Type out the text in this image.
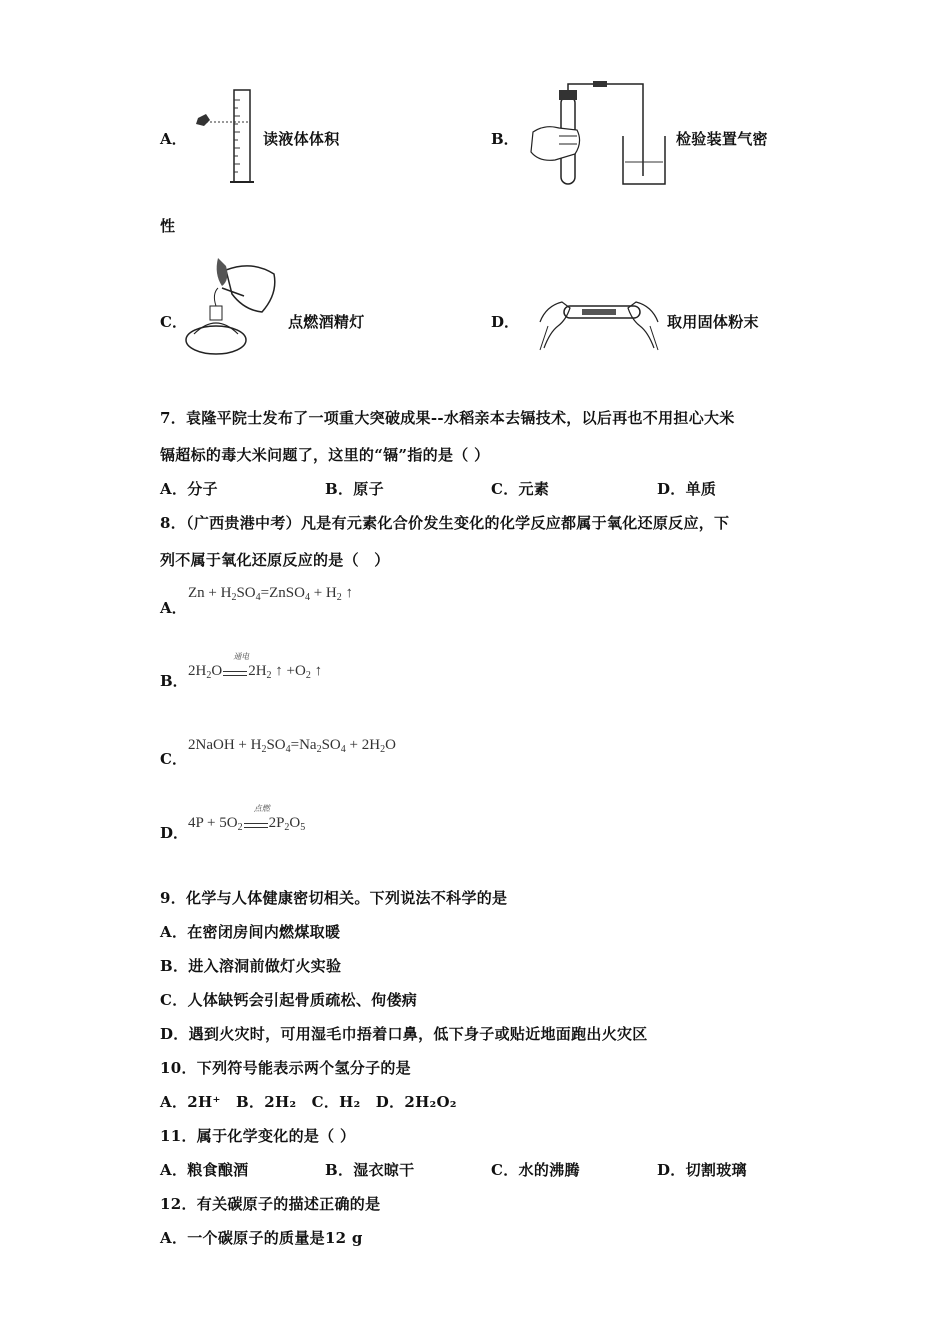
A．	读液体体积	B．	检验装置气密
性
C．	点燃酒精灯	D．	取用固体粉末
7．袁隆平院士发布了一项重大突破成果--水稻亲本去镉技术，以后再也不用担心大米
镉超标的毒大米问题了，这里的“镉”指的是（ ）
A．分子	B．原子	C．元素	D．单质
8．（广西贵港中考）凡是有元素化合价发生变化的化学反应都属于氧化还原反应，下
列不属于氧化还原反应的是（　）
A．
$Zn + H_2SO_4=ZnSO_4 + H_2$ ↑
B．
$2H_2O$
通电
$2H_2$ ↑ $+O_2$ ↑
C．
2NaOH + $H_2SO_4=Na_2SO_4 + 2H_2O$
D．
$4P + 5O_2$
点燃
$2P_2O_5$
9．化学与人体健康密切相关。下列说法不科学的是
A．在密闭房间内燃煤取暖
B．进入溶洞前做灯火实验
C．人体缺钙会引起骨质疏松、佝偻病
D．遇到火灾时，可用湿毛巾捂着口鼻，低下身子或贴近地面跑出火灾区
10．下列符号能表示两个氢分子的是
A．2H⁺　B．2H₂　C．H₂　D．2H₂O₂
11．属于化学变化的是（ ）
A．粮食酿酒	B．湿衣晾干	C．水的沸腾	D．切割玻璃
12．有关碳原子的描述正确的是
A．一个碳原子的质量是12 g
